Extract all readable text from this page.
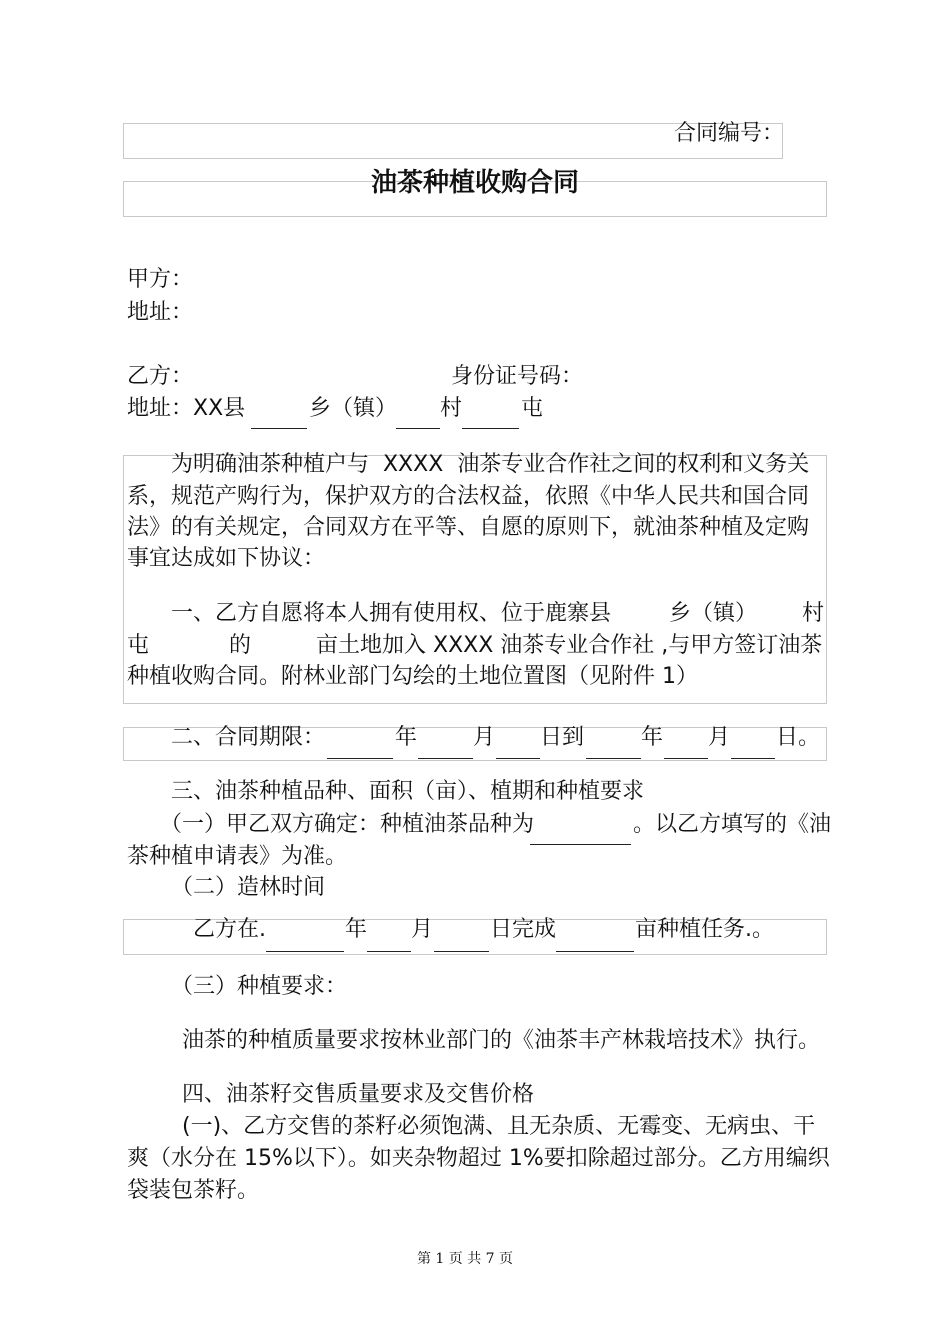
合同编号：
油茶种植收购合同
甲方：
地址：
乙方：	身份证号码：
地址：XX县	乡（镇） 村	屯
为明确油茶种植户与  XXXX  油茶专业合作社之间的权利和义务关
系，规范产购行为，保护双方的合法权益，依照《中华人民共和国合同
法》的有关规定，合同双方在平等、自愿的原则下，就油茶种植及定购
事宜达成如下协议：
一、乙方自愿将本人拥有使用权、位于鹿寨县	乡（镇） 村
屯	的	亩土地加入 XXXX 油茶专业合作社 ,与甲方签订油茶
种植收购合同。附林业部门勾绘的土地位置图（见附件 1）
二、合同期限：	年	月 日到	年 月 日。
三、油茶种植品种、面积（亩）、植期和种植要求
（一）甲乙双方确定：种植油茶品种为	。以乙方填写的《油
茶种植申请表》为准。
（二）造林时间
乙方在.	年 月	日完成	亩种植任务.。
（三）种植要求：
油茶的种植质量要求按林业部门的《油茶丰产林栽培技术》执行。
四、油茶籽交售质量要求及交售价格
(一)、乙方交售的茶籽必须饱满、且无杂质、无霉变、无病虫、干
爽（水分在 15%以下）。如夹杂物超过 1%要扣除超过部分。乙方用编织
袋装包茶籽。
第 1 页 共 7 页
